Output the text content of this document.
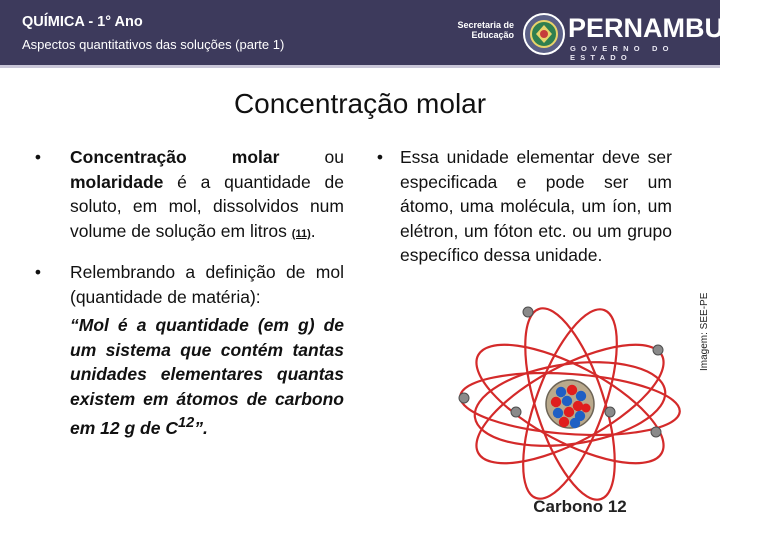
QUÍMICA - 1° Ano
Aspectos quantitativos das soluções (parte 1)
Secretaria de
Educação PERNAMBUCO
GOVERNO DO ESTADO
Concentração molar
•	Concentração molar ou molaridade é a quantidade de soluto, em mol, dissolvidos num volume de solução em litros (11).
•	Relembrando a definição de mol (quantidade de matéria):
“Mol é a quantidade (em g) de um sistema que contém tantas unidades elementares quantas existem em átomos de carbono em 12 g de $C^{12}$”.
• Essa unidade elementar deve ser especificada e pode ser um átomo, uma molécula, um íon, um elétron, um fóton etc. ou um grupo específico dessa unidade.
Imagem: SEE-PE
Carbono 12
